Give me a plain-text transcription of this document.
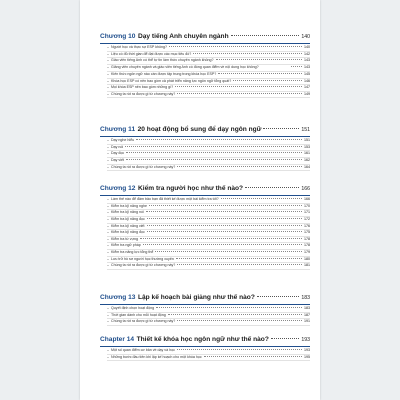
Chương 10 Dạy tiếng Anh chuyên ngành	140
– Người học và thực sự ESP không?	140
– Liệu có đủ thời gian để đạt được các mục tiêu đó?	142
– Giáo viên tiếng Anh có thể tự tin làm thức chuyên ngành không?	143
– Giảng viên chuyên ngành và giáo viên tiếng Anh có đóng quan điểm về nội dung học không?	143
– Kiến thức ngôn ngữ nào cần được tập trung trong khóa học ESP?	145
– Khóa học ESP có nên bao gồm cả phát triển năng lực ngôn ngữ tổng quát?	146
– Mọi khóa ESP nên bao gồm những gì?	147
– Chúng ta rút ra được gì từ chương này?	149
Chương 11 20 hoạt động bổ sung để dạy ngôn ngữ	151
– Dạy nghe hiểu	151
– Dạy nói	153
– Dạy đọc	161
– Dạy viết	162
– Chúng ta rút ra được gì từ chương này?	164
Chương 12 Kiểm tra người học như thế nào?	166
– Làm thế nào để đảm bảo bạn đã thiết kế được một bài kiểm tra tốt?	166
– Kiểm tra kỹ năng nghe	170
– Kiểm tra kỹ năng nói	171
– Kiểm tra kỹ năng đọc	172
– Kiểm tra kỹ năng viết	176
– Kiểm tra kỹ năng đọc	175
– Kiểm tra từ vựng	178
– Kiểm tra ngữ pháp	178
– Kiểm tra năng lực tổng thể	179
– Lưu trữ hồ sơ người học thường xuyên	180
– Chúng ta rút ra được gì từ chương này?	181
Chương 13 Lập kế hoạch bài giảng như thế nào?	183
– Quyết định chọn hoạt động	183
– Thời gian dành cho mỗi hoạt động	187
– Chúng ta rút ra được gì từ chương này?	191
Chapter 14 Thiết kế khóa học ngôn ngữ như thế nào?	193
– Một số quan điểm cơ bản về dạy và học	193
– Những bước đầu tiên khi lập kế hoạch cho một khóa học	195
